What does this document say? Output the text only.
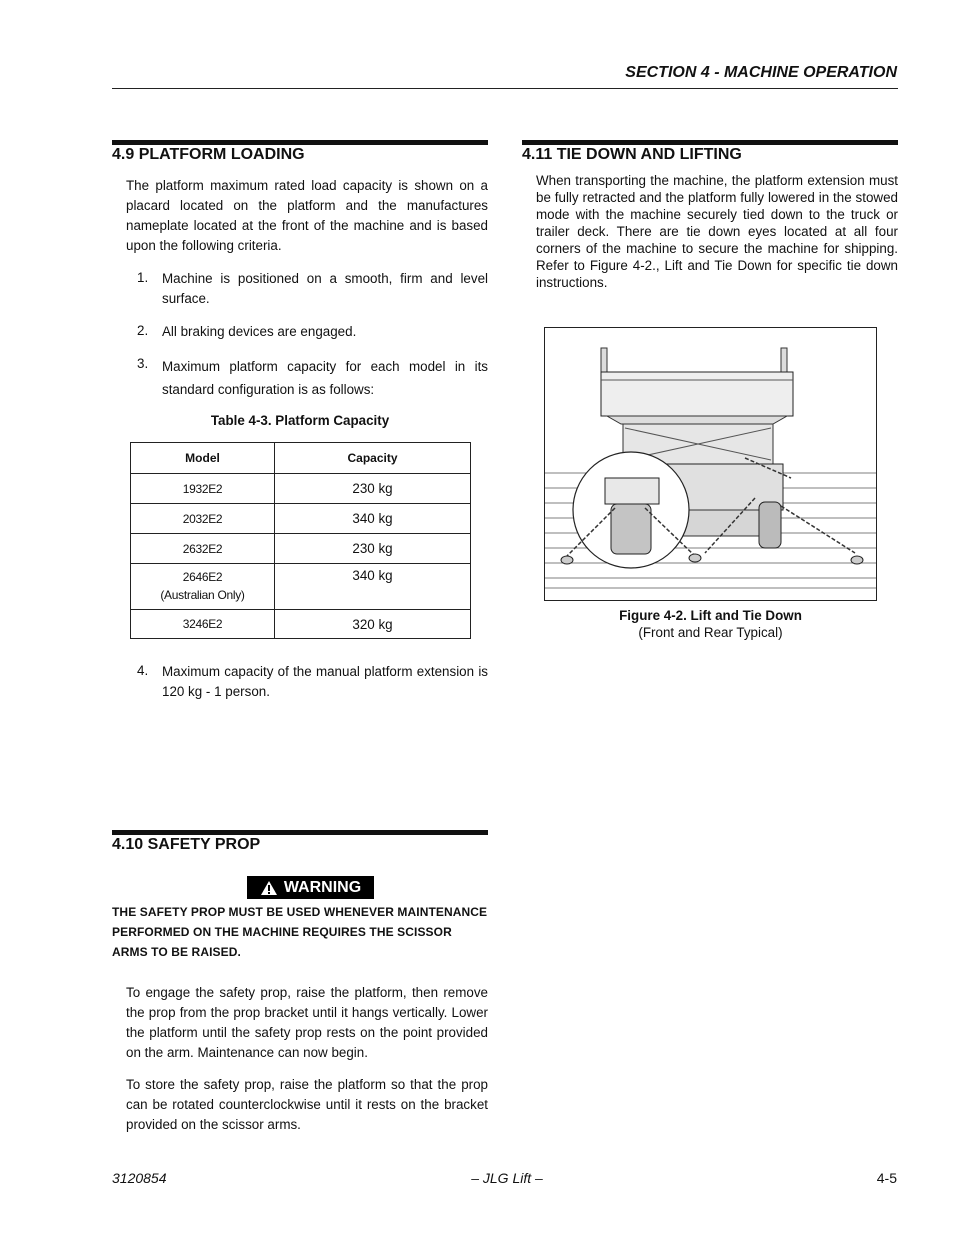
SECTION 4 - MACHINE OPERATION
4.9 PLATFORM LOADING
The platform maximum rated load capacity is shown on a placard located on the platform and the manufactures nameplate located at the front of the machine and is based upon the following criteria.
1. Machine is positioned on a smooth, firm and level surface.
2. All braking devices are engaged.
3. Maximum platform capacity for each model in its standard configuration is as follows:
Table 4-3. Platform Capacity
Model	Capacity
1932E2	230 kg
2032E2	340 kg
2632E2	230 kg

2646E2
(Australian Only)	340 kg
3246E2	320 kg
4. Maximum capacity of the manual platform extension is 120 kg - 1 person.
4.10 SAFETY PROP
WARNING
THE SAFETY PROP MUST BE USED WHENEVER MAINTENANCE PERFORMED ON THE MACHINE REQUIRES THE SCISSOR ARMS TO BE RAISED.
To engage the safety prop, raise the platform, then remove the prop from the prop bracket until it hangs vertically. Lower the platform until the safety prop rests on the point provided on the arm. Maintenance can now begin.
To store the safety prop, raise the platform so that the prop can be rotated counterclockwise until it rests on the bracket provided on the scissor arms.
4.11 TIE DOWN AND LIFTING
When transporting the machine, the platform extension must be fully retracted and the platform fully lowered in the stowed mode with the machine securely tied down to the truck or trailer deck. There are tie down eyes located at all four corners of the machine to secure the machine for shipping. Refer to Figure 4-2., Lift and Tie Down for specific tie down instructions.
Figure 4-2. Lift and Tie Down
(Front and Rear Typical)
3120854	– JLG Lift –	4-5
